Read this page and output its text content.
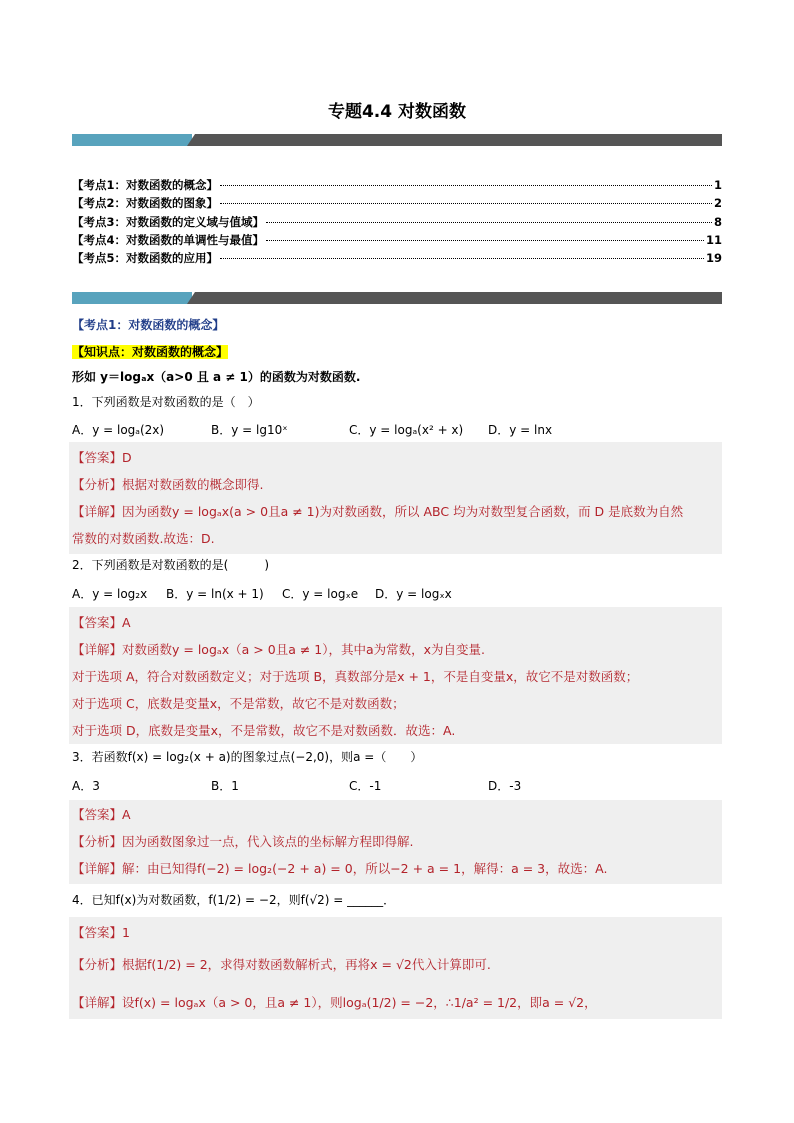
专题4.4 对数函数
【考点1：对数函数的概念】	1
【考点2：对数函数的图象】	2
【考点3：对数函数的定义域与值域】	8
【考点4：对数函数的单调性与最值】	11
【考点5：对数函数的应用】	19
【考点1：对数函数的概念】
【知识点：对数函数的概念】
形如 y＝logₐx（a>0 且 a ≠ 1）的函数为对数函数.
1．下列函数是对数函数的是（　）
A．y = logₐ(2x)	B．y = lg10ˣ	C．y = logₐ(x² + x) D．y = lnx
【答案】D
【分析】根据对数函数的概念即得.
【详解】因为函数y = logₐx(a > 0且a ≠ 1)为对数函数，所以 ABC 均为对数型复合函数，而 D 是底数为自然
常数的对数函数.故选：D.
2．下列函数是对数函数的是(　　　)
A．y = log₂x B．y = ln(x + 1) C．y = logₓe D．y = logₓx
【答案】A
【详解】对数函数y = logₐx（a > 0且a ≠ 1），其中a为常数，x为自变量.
对于选项 A，符合对数函数定义；对于选项 B，真数部分是x + 1，不是自变量x，故它不是对数函数；
对于选项 C，底数是变量x，不是常数，故它不是对数函数；
对于选项 D，底数是变量x，不是常数，故它不是对数函数．故选：A.
3．若函数f(x) = log₂(x + a)的图象过点(−2,0)，则a =（　　）
A．3	B．1	C．-1	D．-3
【答案】A
【分析】因为函数图象过一点，代入该点的坐标解方程即得解.
【详解】解：由已知得f(−2) = log₂(−2 + a) = 0，所以−2 + a = 1，解得：a = 3，故选：A.
4．已知f(x)为对数函数，f(1/2) = −2，则f(√2) = ______．
【答案】1
【分析】根据f(1/2) = 2，求得对数函数解析式，再将x = √2代入计算即可.
【详解】设f(x) = logₐx（a > 0，且a ≠ 1），则logₐ(1/2) = −2，∴1/a² = 1/2，即a = √2，
